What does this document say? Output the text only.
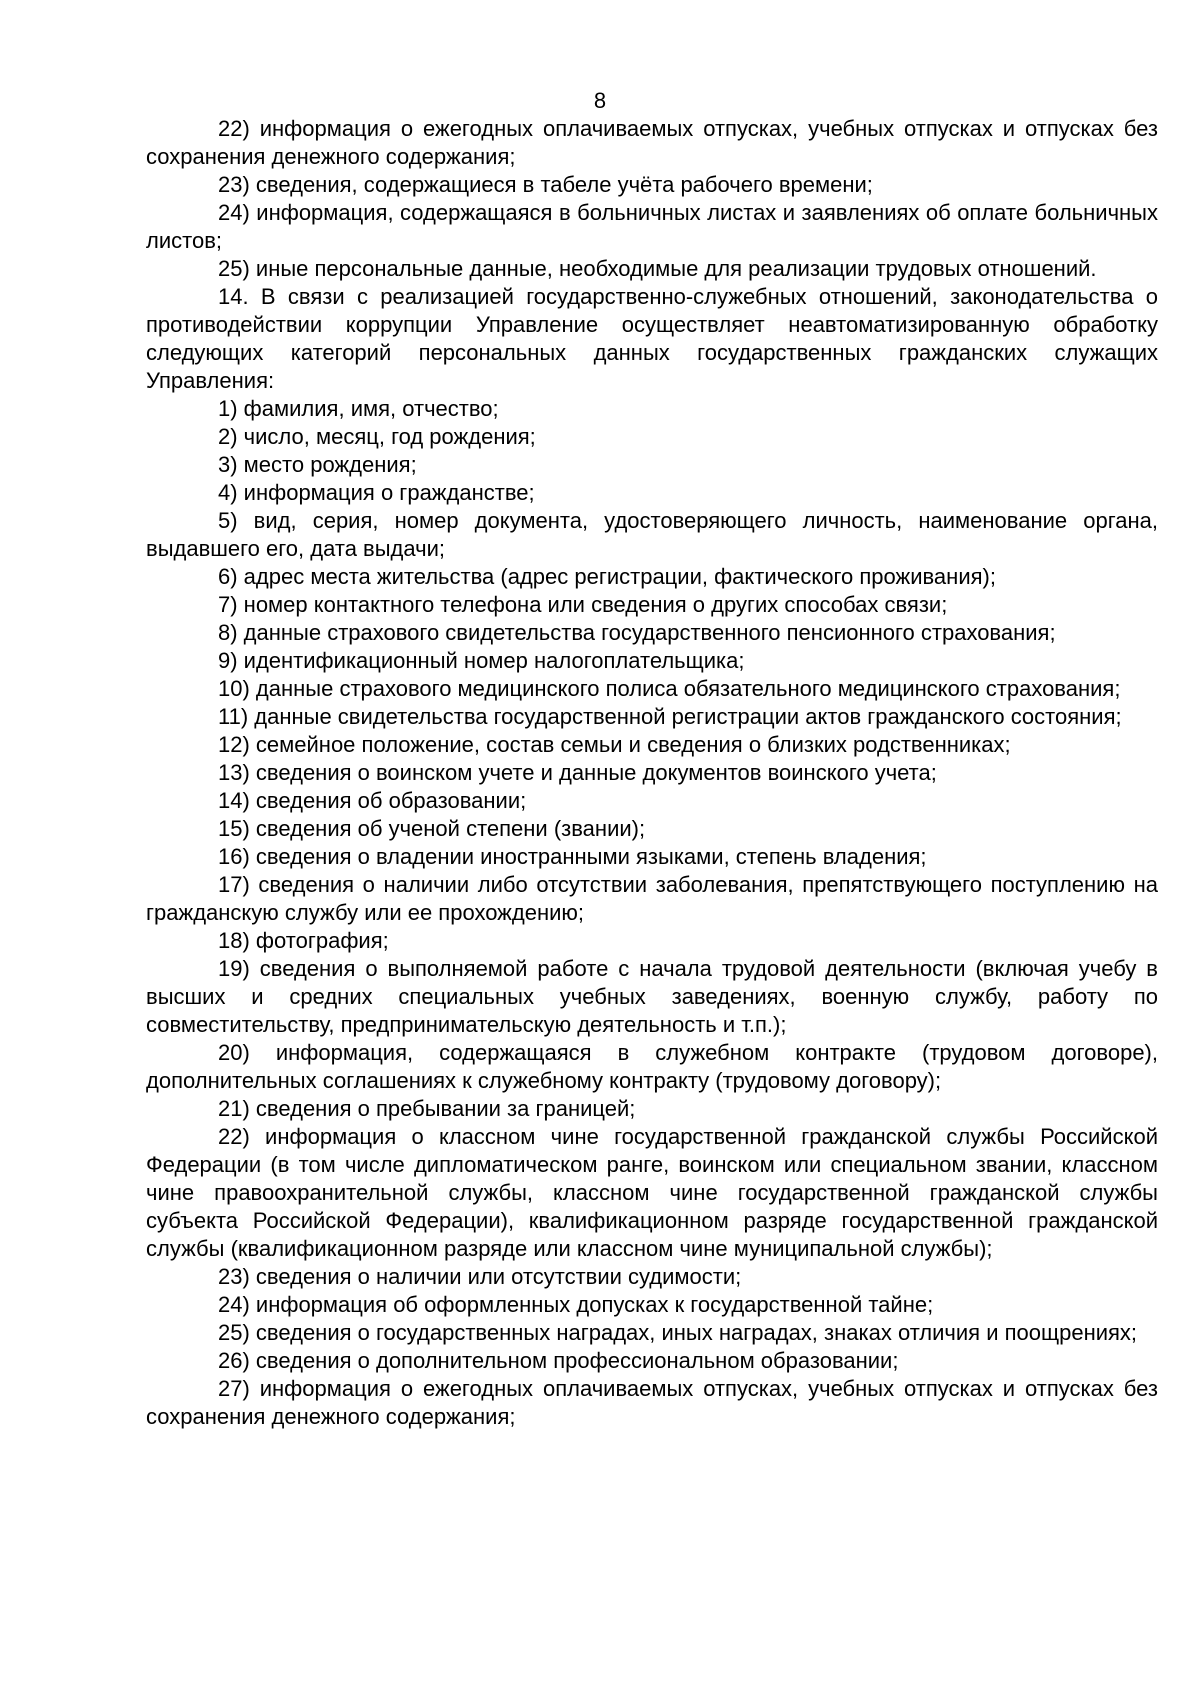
8

22) информация о ежегодных оплачиваемых отпусках, учебных отпусках и отпусках без сохранения денежного содержания;

23) сведения, содержащиеся в табеле учёта рабочего времени;

24) информация, содержащаяся в больничных листах и заявлениях об оплате больничных листов;

25) иные персональные данные, необходимые для реализации трудовых отношений.

14. В связи с реализацией государственно-служебных отношений, законодательства о противодействии коррупции Управление осуществляет неавтоматизированную обработку следующих категорий персональных данных государственных гражданских служащих Управления:

1) фамилия, имя, отчество;

2) число, месяц, год рождения;

3) место рождения;

4) информация о гражданстве;

5) вид, серия, номер документа, удостоверяющего личность, наименование органа, выдавшего его, дата выдачи;

6) адрес места жительства (адрес регистрации, фактического проживания);

7) номер контактного телефона или сведения о других способах связи;

8) данные страхового свидетельства государственного пенсионного страхования;

9) идентификационный номер налогоплательщика;

10) данные страхового медицинского полиса обязательного медицинского страхования;

11) данные свидетельства государственной регистрации актов гражданского состояния;

12) семейное положение, состав семьи и сведения о близких родственниках;

13) сведения о воинском учете и данные документов воинского учета;

14) сведения об образовании;

15) сведения об ученой степени (звании);

16) сведения о владении иностранными языками, степень владения;

17) сведения о наличии либо отсутствии заболевания, препятствующего поступлению на гражданскую службу или ее прохождению;

18) фотография;

19) сведения о выполняемой работе с начала трудовой деятельности (включая учебу в высших и средних специальных учебных заведениях, военную службу, работу по совместительству, предпринимательскую деятельность и т.п.);

20) информация, содержащаяся в служебном контракте (трудовом договоре), дополнительных соглашениях к служебному контракту (трудовому договору);

21) сведения о пребывании за границей;

22) информация о классном чине государственной гражданской службы Российской Федерации (в том числе дипломатическом ранге, воинском или специальном звании, классном чине правоохранительной службы, классном чине государственной гражданской службы субъекта Российской Федерации), квалификационном разряде государственной гражданской службы (квалификационном разряде или классном чине муниципальной службы);

23) сведения о наличии или отсутствии судимости;

24) информация об оформленных допусках к государственной тайне;

25) сведения о государственных наградах, иных наградах, знаках отличия и поощрениях;

26) сведения о дополнительном профессиональном образовании;

27) информация о ежегодных оплачиваемых отпусках, учебных отпусках и отпусках без сохранения денежного содержания;
